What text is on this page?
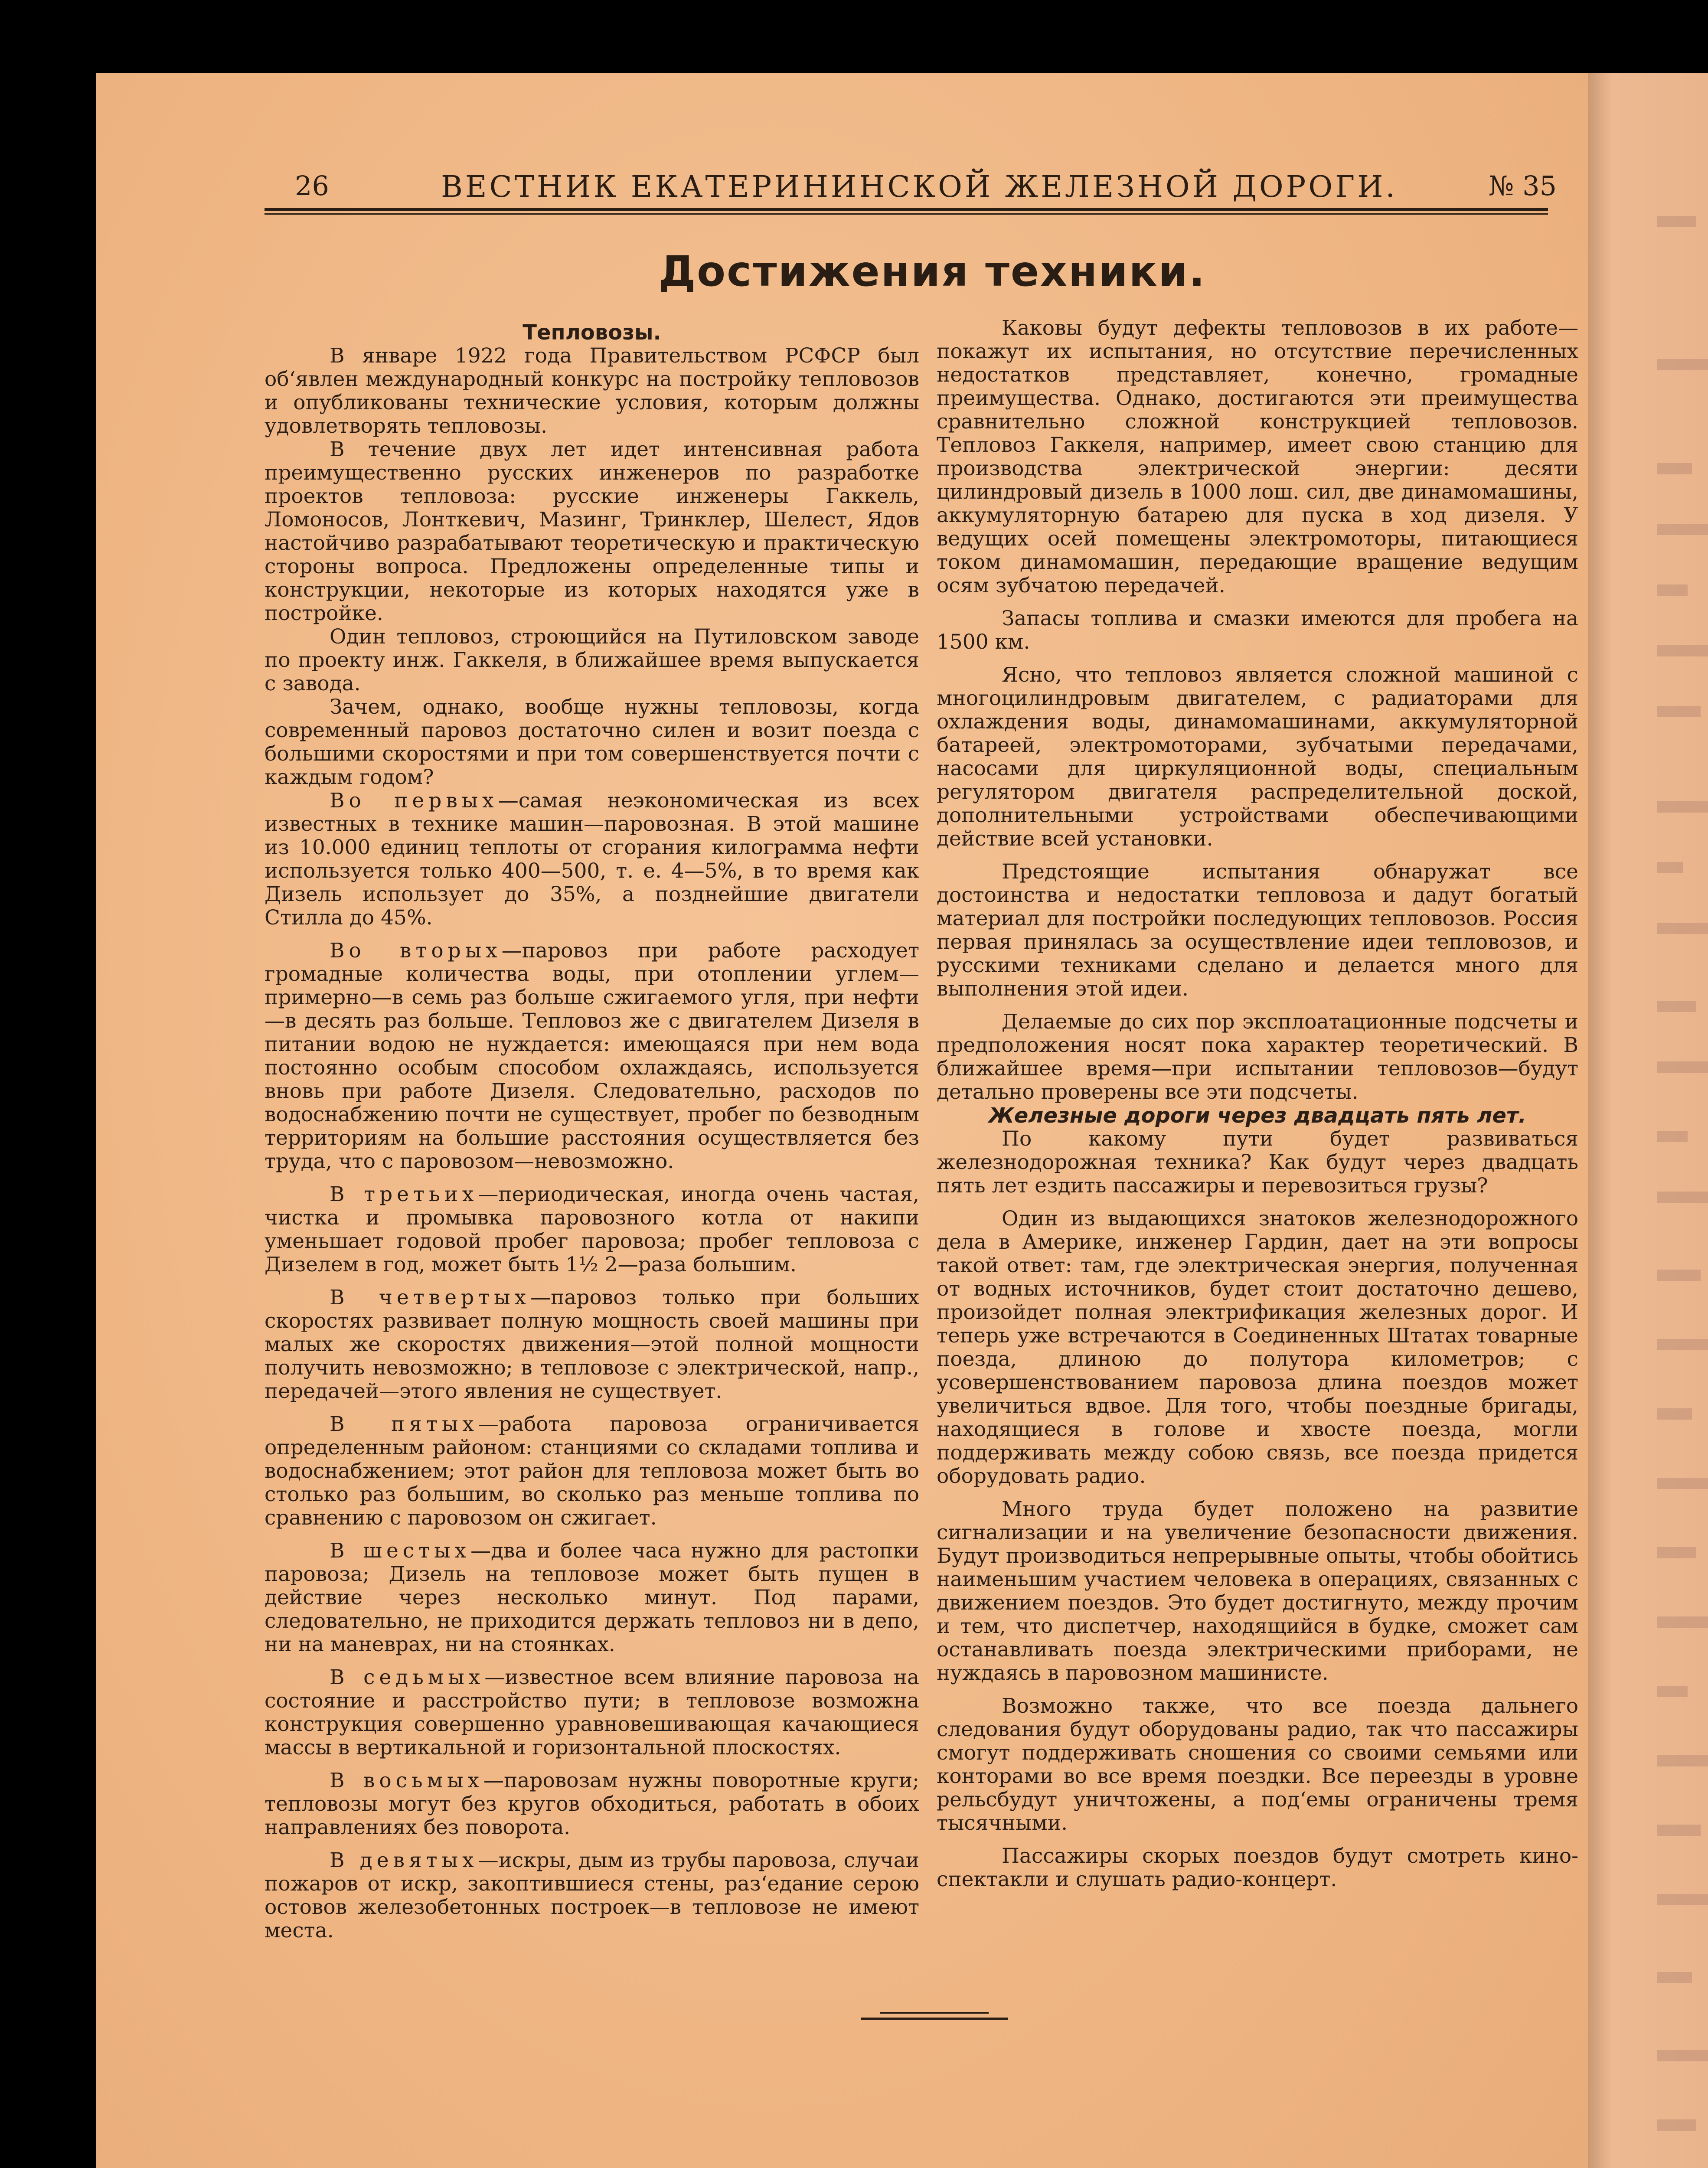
26	ВЕСТНИК ЕКАТЕРИНИНСКОЙ ЖЕЛЕЗНОЙ ДОРОГИ.	№ 35
Достижения техники.

Тепловозы.

В январе 1922 года Правительством РСФСР был об‘явлен международный конкурс на постройку тепловозов и опубликованы технические условия, которым должны удовлетворять тепловозы.

В течение двух лет идет интенсивная работа преимущественно русских инженеров по разработке проектов тепловоза: русские инженеры Гаккель, Ломоносов, Лонткевич, Мазинг, Тринклер, Шелест, Ядов настойчиво разрабатывают теоретическую и практическую стороны вопроса. Предложены определенные типы и конструкции, некоторые из которых находятся уже в постройке.

Один тепловоз, строющийся на Путиловском заводе по проекту инж. Гаккеля, в ближайшее время выпускается с завода.

Зачем, однако, вообще нужны тепловозы, когда современный паровоз достаточно силен и возит поезда с большими скоростями и при том совершенствуется почти с каждым годом?

Во первых—самая неэкономическая из всех известных в технике машин—паровозная. В этой машине из 10.000 единиц теплоты от сгорания килограмма нефти используется только 400—500, т. е. 4—5%, в то время как Дизель использует до 35%, а позднейшие двигатели Стилла до 45%.

Во вторых—паровоз при работе расходует громадные количества воды, при отоплении углем—примерно—в семь раз больше сжигаемого угля, при нефти—в десять раз больше. Тепловоз же с двигателем Дизеля в питании водою не нуждается: имеющаяся при нем вода постоянно особым способом охлаждаясь, используется вновь при работе Дизеля. Следовательно, расходов по водоснабжению почти не существует, пробег по безводным территориям на большие расстояния осуществляется без труда, что с паровозом—невозможно.

В третьих—периодическая, иногда очень частая, чистка и промывка паровозного котла от накипи уменьшает годовой пробег паровоза; пробег тепловоза с Дизелем в год, может быть 1½ 2—раза большим.

В четвертых—паровоз только при больших скоростях развивает полную мощность своей машины при малых же скоростях движения—этой полной мощности получить невозможно; в тепловозе с электрической, напр., передачей—этого явления не существует.

В пятых—работа паровоза ограничивается определенным районом: станциями со складами топлива и водоснабжением; этот район для тепловоза может быть во столько раз большим, во сколько раз меньше топлива по сравнению с паровозом он сжигает.

В шестых—два и более часа нужно для растопки паровоза; Дизель на тепловозе может быть пущен в действие через несколько минут. Под парами, следовательно, не приходится держать тепловоз ни в депо, ни на маневрах, ни на стоянках.

В седьмых—известное всем влияние паровоза на состояние и расстройство пути; в тепловозе возможна конструкция совершенно уравновешивающая качающиеся массы в вертикальной и горизонтальной плоскостях.

В восьмых—паровозам нужны поворотные круги; тепловозы могут без кругов обходиться, работать в обоих направлениях без поворота.

В девятых—искры, дым из трубы паровоза, случаи пожаров от искр, закоптившиеся стены, раз‘едание серою остовов железобетонных построек—в тепловозе не имеют места.

Каковы будут дефекты тепловозов в их работе—покажут их испытания, но отсутствие перечисленных недостатков представляет, конечно, громадные преимущества. Однако, достигаются эти преимущества сравнительно сложной конструкцией тепловозов. Тепловоз Гаккеля, например, имеет свою станцию для производства электрической энергии: десяти цилиндровый дизель в 1000 лош. сил, две динамомашины, аккумуляторную батарею для пуска в ход дизеля. У ведущих осей помещены электромоторы, питающиеся током динамомашин, передающие вращение ведущим осям зубчатою передачей.

Запасы топлива и смазки имеются для пробега на 1500 км.

Ясно, что тепловоз является сложной машиной с многоцилиндровым двигателем, с радиаторами для охлаждения воды, динамомашинами, аккумуляторной батареей, электромоторами, зубчатыми передачами, насосами для циркуляционной воды, специальным регулятором двигателя распределительной доской, дополнительными устройствами обеспечивающими действие всей установки.

Предстоящие испытания обнаружат все достоинства и недостатки тепловоза и дадут богатый материал для постройки последующих тепловозов. Россия первая принялась за осуществление идеи тепловозов, и русскими техниками сделано и делается много для выполнения этой идеи.

Делаемые до сих пор эксплоатационные подсчеты и предположения носят пока характер теоретический. В ближайшее время—при испытании тепловозов—будут детально проверены все эти подсчеты.

Железные дороги через двадцать пять лет.

По какому пути будет развиваться железнодорожная техника? Как будут через двадцать пять лет ездить пассажиры и перевозиться грузы?

Один из выдающихся знатоков железнодорожного дела в Америке, инженер Гардин, дает на эти вопросы такой ответ: там, где электрическая энергия, полученная от водных источников, будет стоит достаточно дешево, произойдет полная электрификация железных дорог. И теперь уже встречаются в Соединенных Штатах товарные поезда, длиною до полутора километров; с усовершенствованием паровоза длина поездов может увеличиться вдвое. Для того, чтобы поездные бригады, находящиеся в голове и хвосте поезда, могли поддерживать между собою связь, все поезда придется оборудовать радио.

Много труда будет положено на развитие сигнализации и на увеличение безопасности движения. Будут производиться непрерывные опыты, чтобы обойтись наименьшим участием человека в операциях, связанных с движением поездов. Это будет достигнуто, между прочим и тем, что диспетчер, находящийся в будке, сможет сам останавливать поезда электрическими приборами, не нуждаясь в паровозном машинисте.

Возможно также, что все поезда дальнего следования будут оборудованы радио, так что пассажиры смогут поддерживать сношения со своими семьями или конторами во все время поездки. Все переезды в уровне рельсбудут уничтожены, а под‘емы ограничены тремя тысячными.

Пассажиры скорых поездов будут смотреть кино-спектакли и слушать радио-концерт.
